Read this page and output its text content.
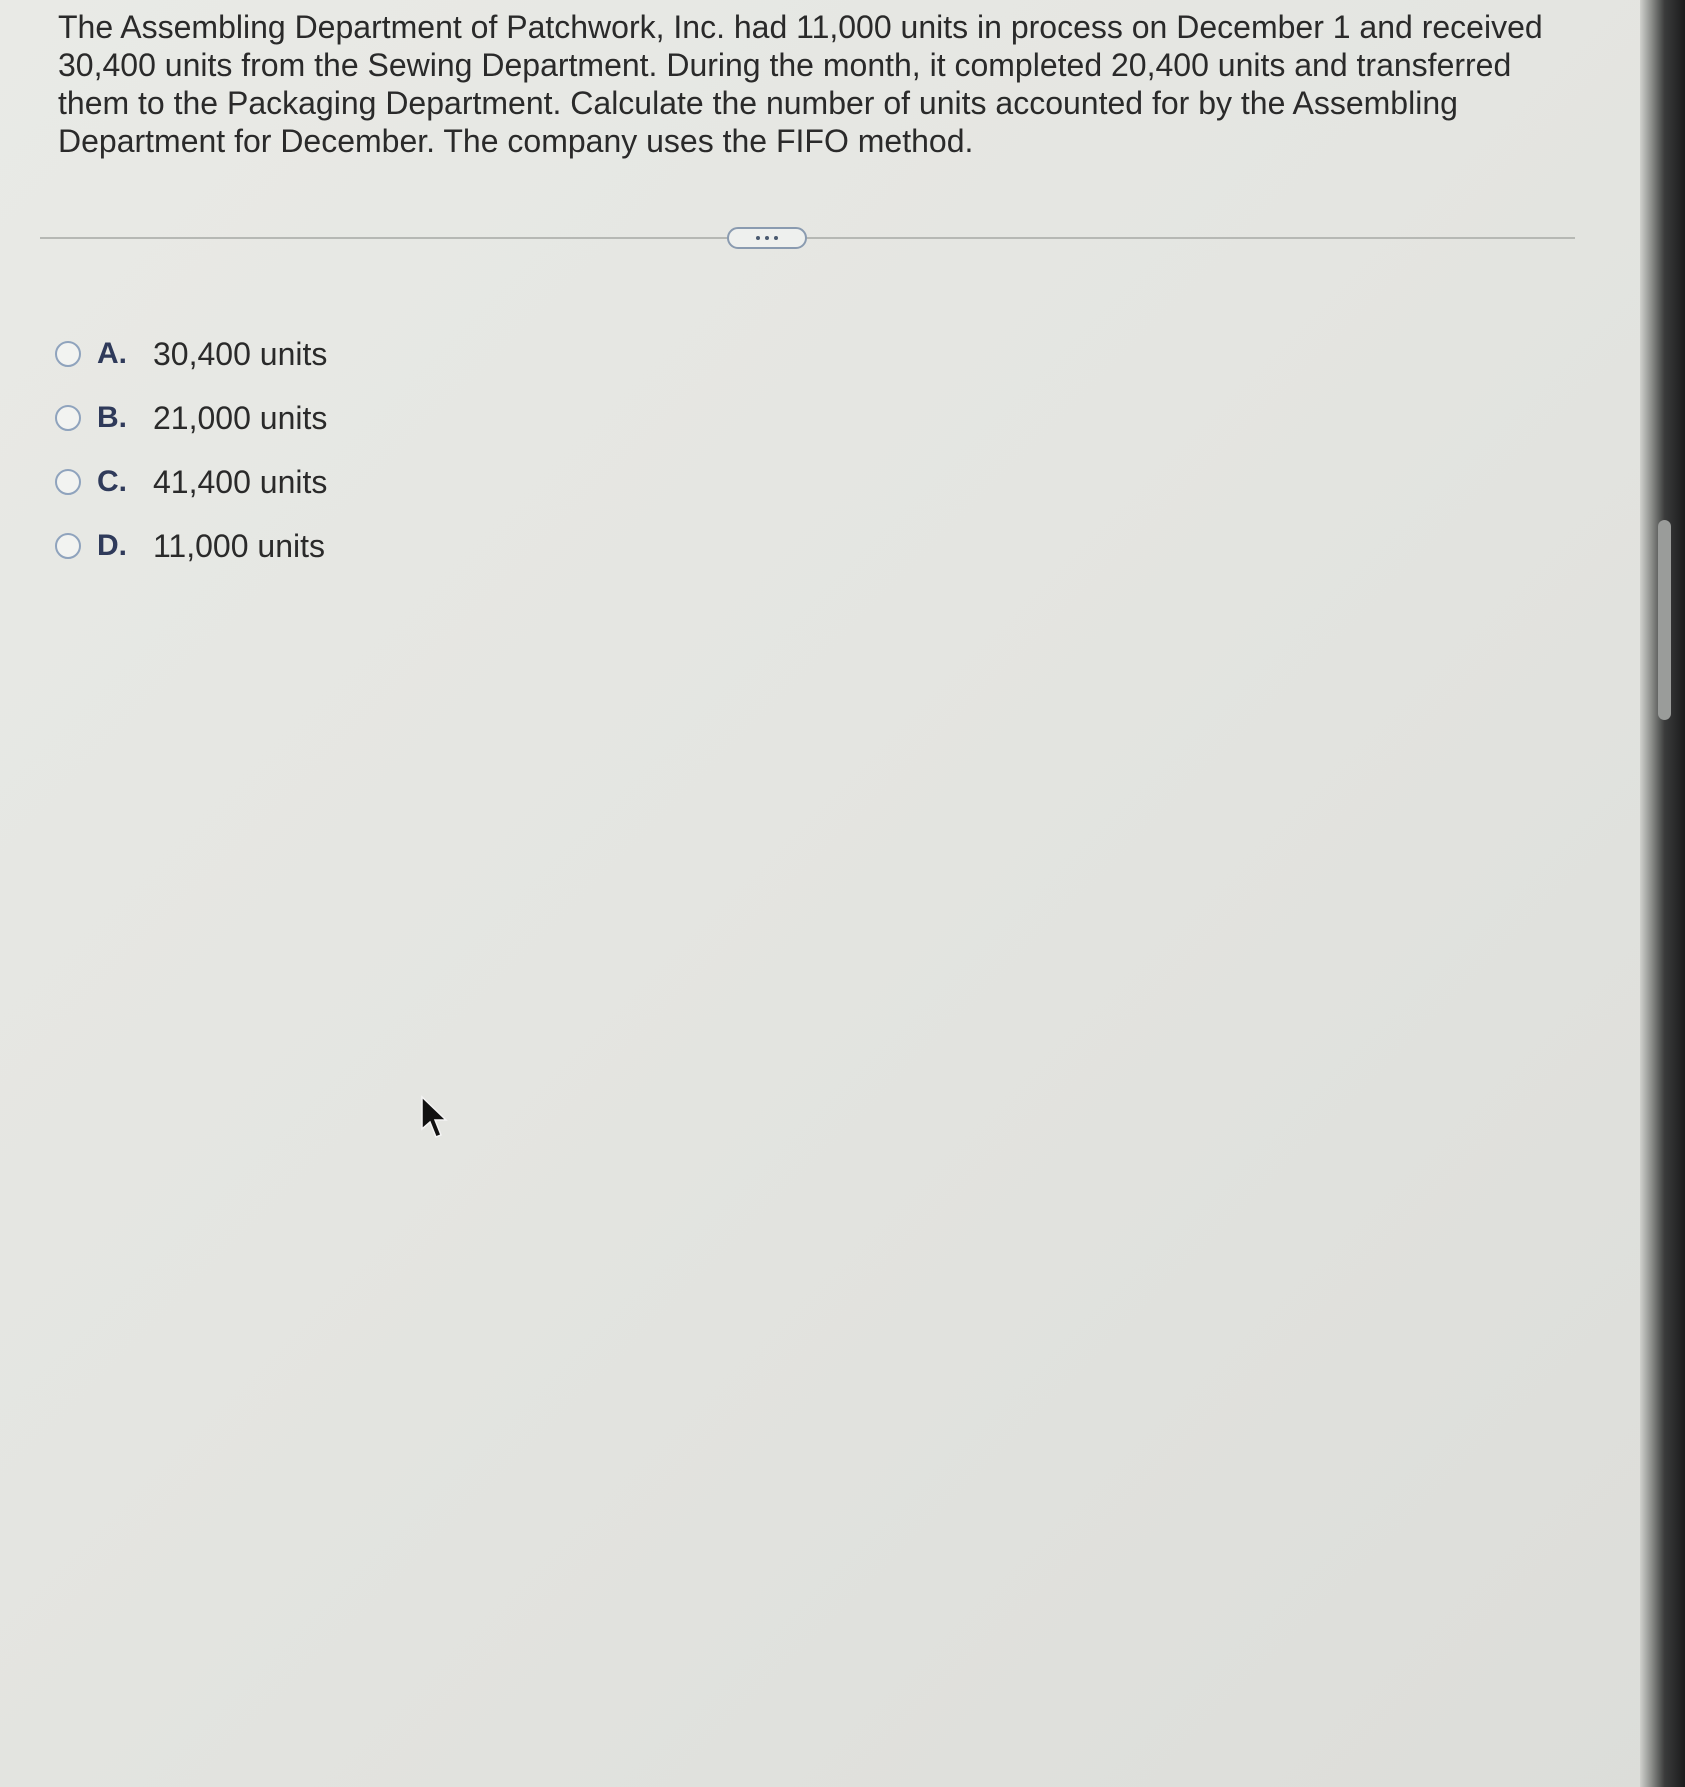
The Assembling Department of Patchwork, Inc. had 11,000 units in process on December 1 and received 30,400 units from the Sewing Department. During the month, it completed 20,400 units and transferred them to the Packaging Department. Calculate the number of units accounted for by the Assembling Department for December. The company uses the FIFO method.

A. 30,400 units
B. 21,000 units
C. 41,400 units
D. 11,000 units
